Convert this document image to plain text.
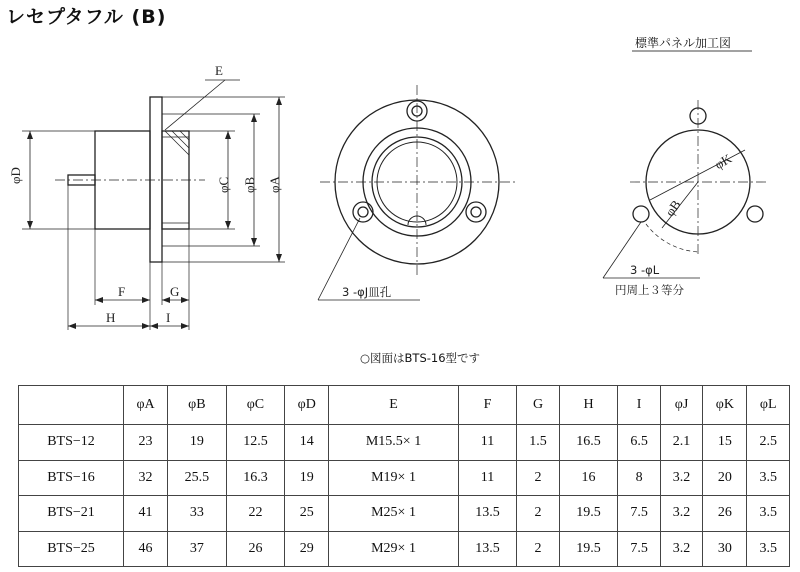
レセプタフル (B)
標準パネル加工図
E
φD
φC φB φA
F	G
H	I
3 -φJ皿孔
φK
φB
3 -φL
円周上３等分
○図面はBTS-16型です
	φA	φB	φC	φD	E	F	G	H	I	φJ	φK	φL
BTS−12	23	19	12.5	14	M15.5× 1	11	1.5	16.5	6.5	2.1	15	2.5
BTS−16	32	25.5	16.3	19	M19× 1	11	2	16	8	3.2	20	3.5
BTS−21	41	33	22	25	M25× 1	13.5	2	19.5	7.5	3.2	26	3.5
BTS−25	46	37	26	29	M29× 1	13.5	2	19.5	7.5	3.2	30	3.5
